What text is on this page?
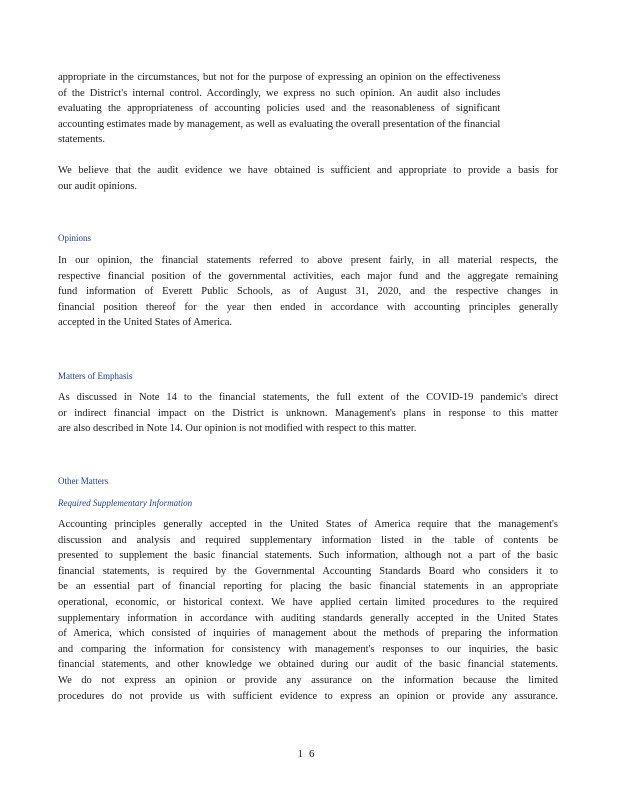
appropriate in the circumstances, but not for the purpose of expressing an opinion on the effectiveness
of the District's internal control. Accordingly, we express no such opinion. An audit also includes
evaluating the appropriateness of accounting policies used and the reasonableness of significant
accounting estimates made by management, as well as evaluating the overall presentation of the financial
statements.

We believe that the audit evidence we have obtained is sufficient and appropriate to provide a basis for
our audit opinions.

Opinions

In our opinion, the financial statements referred to above present fairly, in all material respects, the
respective financial position of the governmental activities, each major fund and the aggregate remaining
fund information of Everett Public Schools, as of August 31, 2020, and the respective changes in
financial position thereof for the year then ended in accordance with accounting principles generally
accepted in the United States of America.

Matters of Emphasis

As discussed in Note 14 to the financial statements, the full extent of the COVID-19 pandemic's direct
or indirect financial impact on the District is unknown. Management's plans in response to this matter
are also described in Note 14. Our opinion is not modified with respect to this matter.

Other Matters

Required Supplementary Information

Accounting principles generally accepted in the United States of America require that the management's
discussion and analysis and required supplementary information listed in the table of contents be
presented to supplement the basic financial statements. Such information, although not a part of the basic
financial statements, is required by the Governmental Accounting Standards Board who considers it to
be an essential part of financial reporting for placing the basic financial statements in an appropriate
operational, economic, or historical context. We have applied certain limited procedures to the required
supplementary information in accordance with auditing standards generally accepted in the United States
of America, which consisted of inquiries of management about the methods of preparing the information
and comparing the information for consistency with management's responses to our inquiries, the basic
financial statements, and other knowledge we obtained during our audit of the basic financial statements.
We do not express an opinion or provide any assurance on the information because the limited
procedures do not provide us with sufficient evidence to express an opinion or provide any assurance.

16
